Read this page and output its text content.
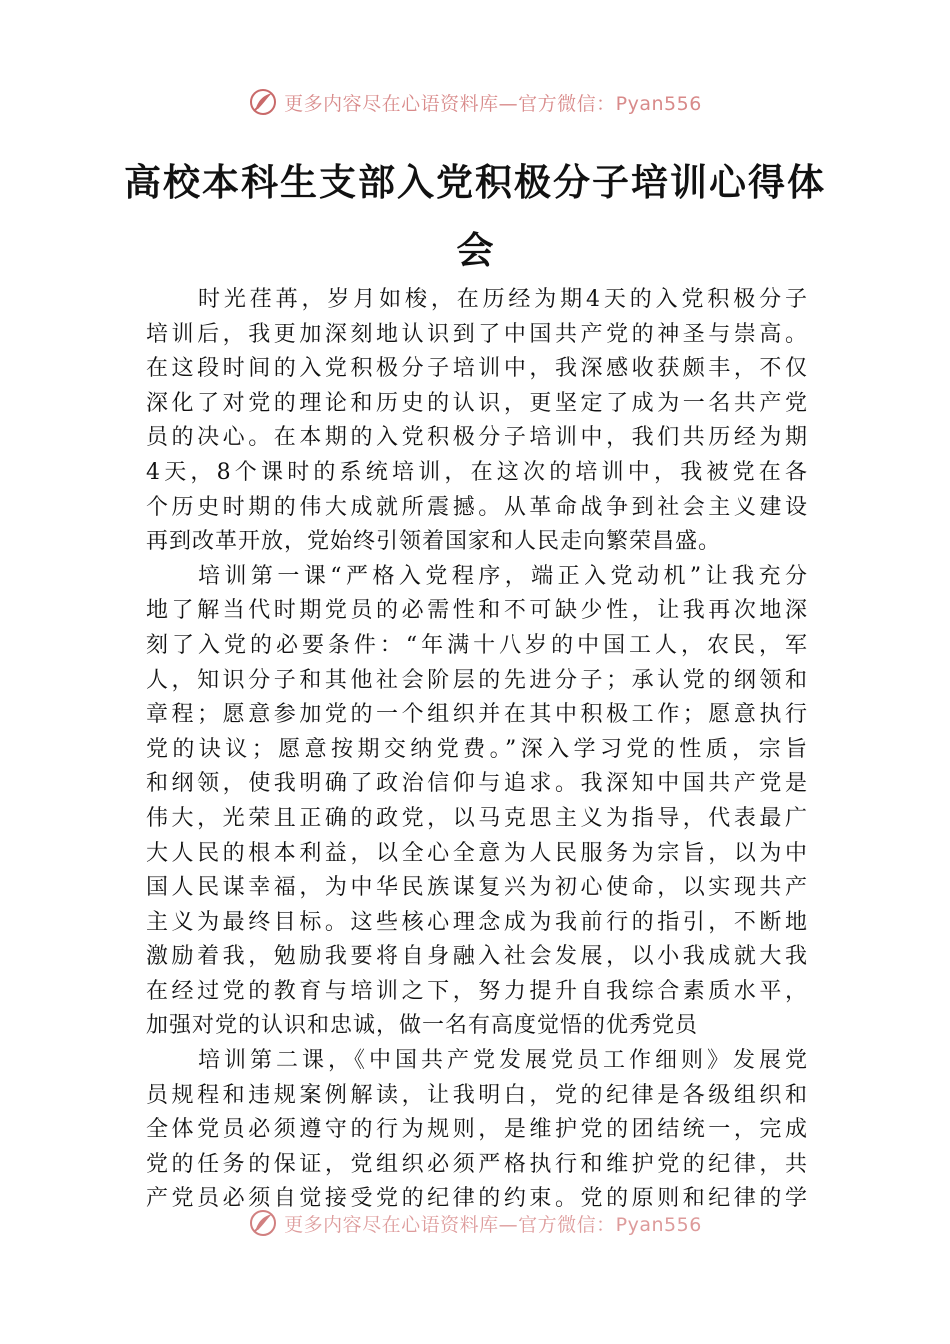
更多内容尽在心语资料库—官方微信：Pyan556
高校本科生支部入党积极分子培训心得体
会
时光荏苒，岁月如梭，在历经为期4天的入党积极分子
培训后，我更加深刻地认识到了中国共产党的神圣与崇高。
在这段时间的入党积极分子培训中，我深感收获颇丰，不仅
深化了对党的理论和历史的认识，更坚定了成为一名共产党
员的决心。在本期的入党积极分子培训中，我们共历经为期
4天，8个课时的系统培训，在这次的培训中，我被党在各
个历史时期的伟大成就所震撼。从革命战争到社会主义建设
再到改革开放，党始终引领着国家和人民走向繁荣昌盛。
培训第一课“严格入党程序，端正入党动机”让我充分
地了解当代时期党员的必需性和不可缺少性，让我再次地深
刻了入党的必要条件：“年满十八岁的中国工人，农民，军
人，知识分子和其他社会阶层的先进分子；承认党的纲领和
章程；愿意参加党的一个组织并在其中积极工作；愿意执行
党的诀议；愿意按期交纳党费。”深入学习党的性质，宗旨
和纲领，使我明确了政治信仰与追求。我深知中国共产党是
伟大，光荣且正确的政党，以马克思主义为指导，代表最广
大人民的根本利益，以全心全意为人民服务为宗旨，以为中
国人民谋幸福，为中华民族谋复兴为初心使命，以实现共产
主义为最终目标。这些核心理念成为我前行的指引，不断地
激励着我，勉励我要将自身融入社会发展，以小我成就大我
在经过党的教育与培训之下，努力提升自我综合素质水平，
加强对党的认识和忠诚，做一名有高度觉悟的优秀党员
培训第二课，《中国共产党发展党员工作细则》发展党
员规程和违规案例解读，让我明白，党的纪律是各级组织和
全体党员必须遵守的行为规则，是维护党的团结统一，完成
党的任务的保证，党组织必须严格执行和维护党的纪律，共
产党员必须自觉接受党的纪律的约束。党的原则和纪律的学
更多内容尽在心语资料库—官方微信：Pyan556
